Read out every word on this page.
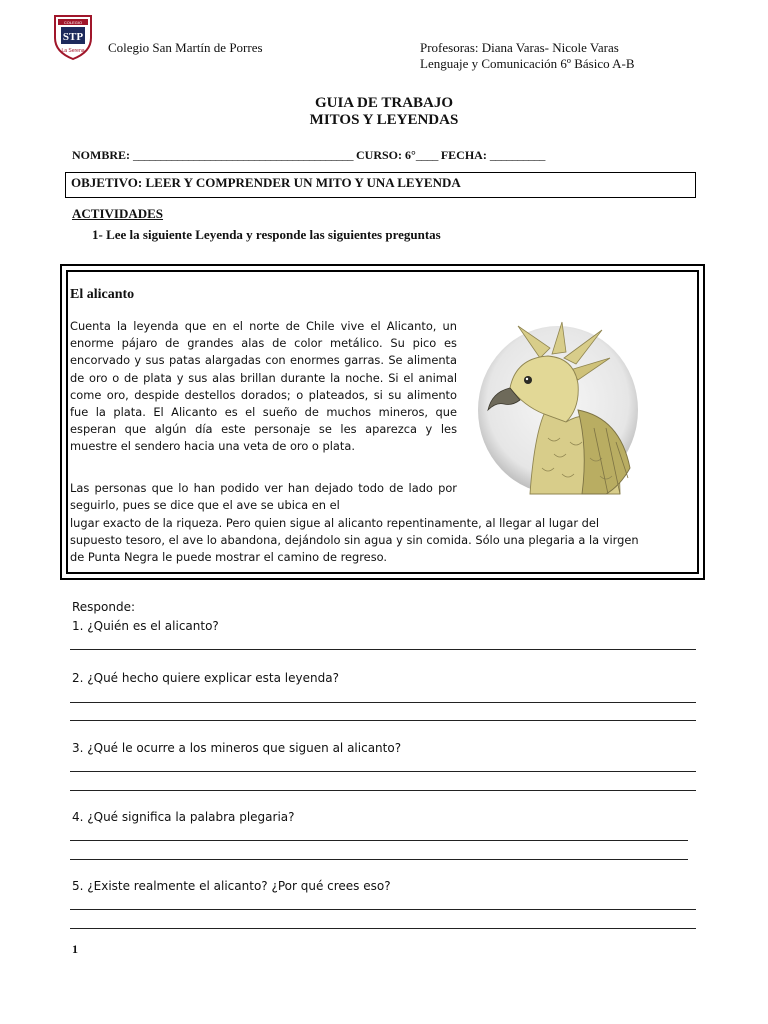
STP
COLEGIO
La Serena Colegio San Martín de Porres	Profesoras: Diana Varas- Nicole Varas
Lenguaje y Comunicación 6º Básico A-B
GUIA DE TRABAJO
MITOS Y LEYENDAS
NOMBRE: ________________________________________ CURSO: 6°____ FECHA: __________
OBJETIVO: LEER Y COMPRENDER UN MITO Y UNA LEYENDA
ACTIVIDADES
1- Lee la siguiente Leyenda y responde las siguientes preguntas
El alicanto
Cuenta la leyenda que en el norte de Chile vive el Alicanto, un enorme pájaro de grandes alas de color metálico. Su pico es encorvado y sus patas alargadas con enormes garras. Se alimenta de oro o de plata y sus alas brillan durante la noche. Si el animal come oro, despide destellos dorados; o plateados, si su alimento fue la plata. El Alicanto es el sueño de muchos mineros, que esperan que algún día este personaje se les aparezca y les muestre el sendero hacia una veta de oro o plata.
Las personas que lo han podido ver han dejado todo de lado por seguirlo, pues se dice que el ave se ubica en el
lugar exacto de la riqueza. Pero quien sigue al alicanto repentinamente, al llegar al lugar del supuesto tesoro, el ave lo abandona, dejándolo sin agua y sin comida. Sólo una plegaria a la virgen de Punta Negra le puede mostrar el camino de regreso.
Responde:
1. ¿Quién es el alicanto?
2. ¿Qué hecho quiere explicar esta leyenda?
3. ¿Qué le ocurre a los mineros que siguen al alicanto?
4. ¿Qué significa la palabra plegaria?
5. ¿Existe realmente el alicanto? ¿Por qué crees eso?
1
